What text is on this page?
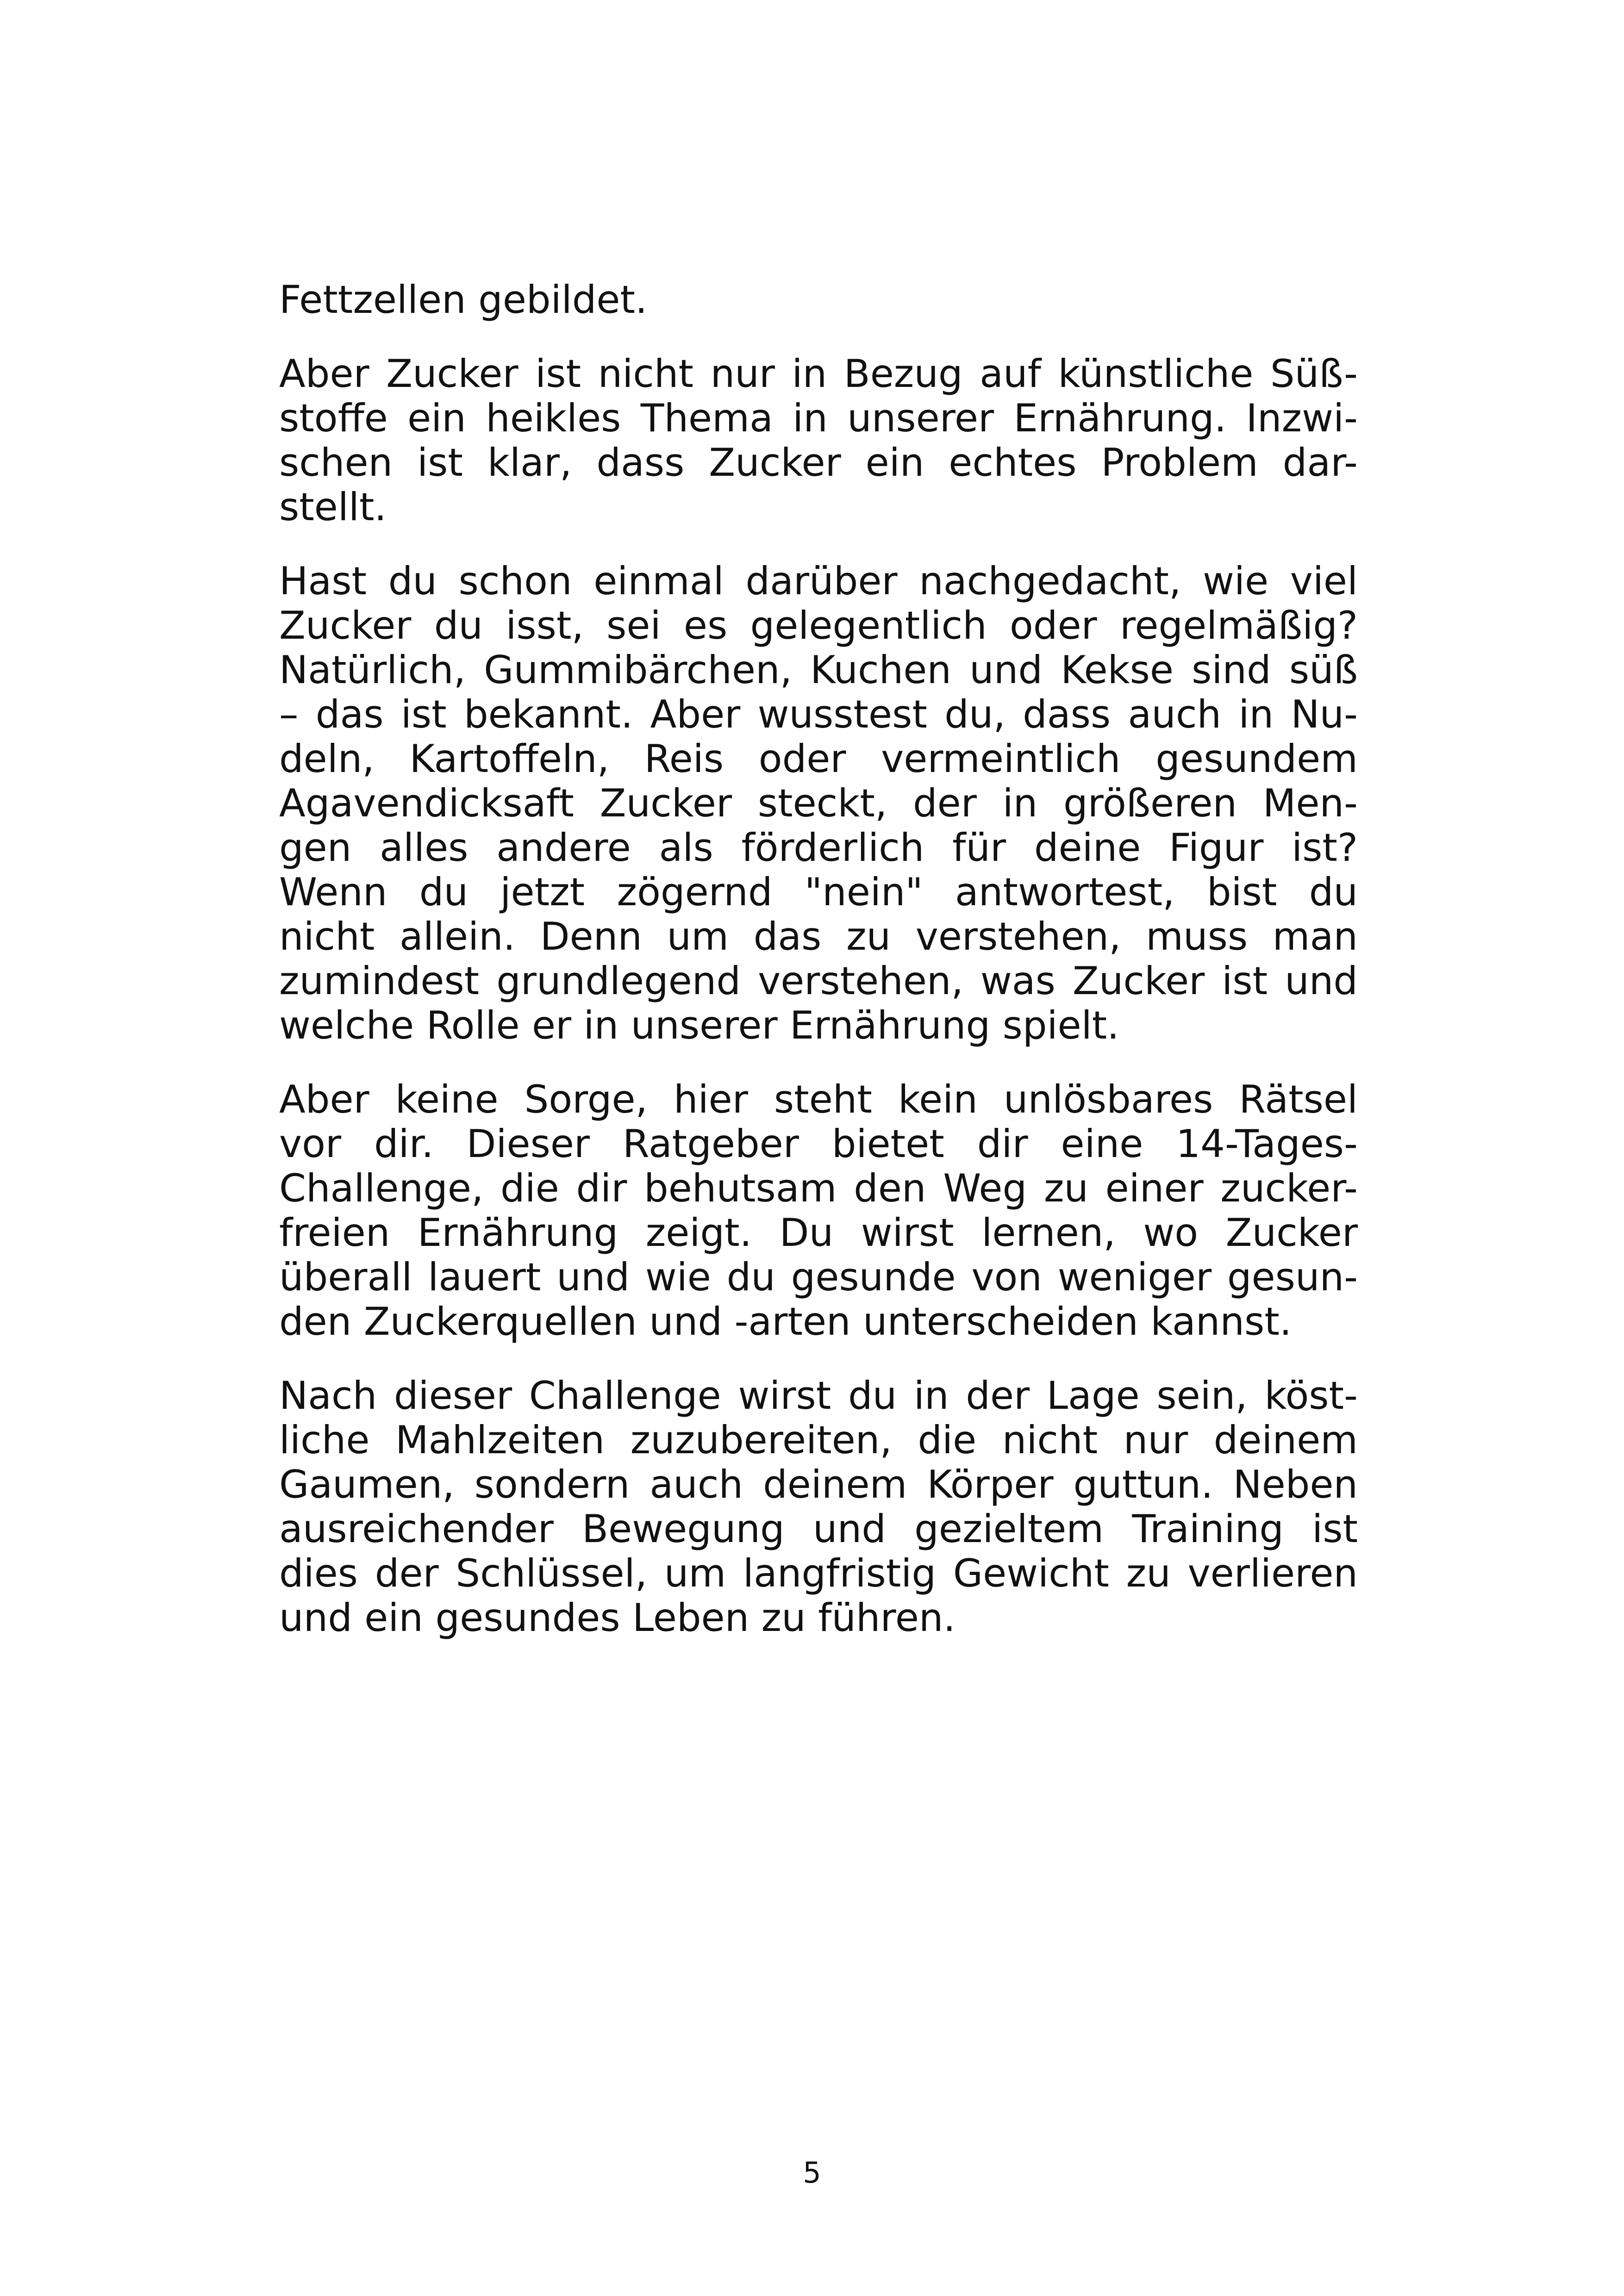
Fettzellen gebildet.
Aber Zucker ist nicht nur in Bezug auf künstliche Süß-
stoffe ein heikles Thema in unserer Ernährung. Inzwi-
schen ist klar, dass Zucker ein echtes Problem dar-
stellt.
Hast du schon einmal darüber nachgedacht, wie viel
Zucker du isst, sei es gelegentlich oder regelmäßig?
Natürlich, Gummibärchen, Kuchen und Kekse sind süß
– das ist bekannt. Aber wusstest du, dass auch in Nu-
deln, Kartoffeln, Reis oder vermeintlich gesundem
Agavendicksaft Zucker steckt, der in größeren Men-
gen alles andere als förderlich für deine Figur ist?
Wenn du jetzt zögernd "nein" antwortest, bist du
nicht allein. Denn um das zu verstehen, muss man
zumindest grundlegend verstehen, was Zucker ist und
welche Rolle er in unserer Ernährung spielt.
Aber keine Sorge, hier steht kein unlösbares Rätsel
vor dir. Dieser Ratgeber bietet dir eine 14-Tages-
Challenge, die dir behutsam den Weg zu einer zucker-
freien Ernährung zeigt. Du wirst lernen, wo Zucker
überall lauert und wie du gesunde von weniger gesun-
den Zuckerquellen und -arten unterscheiden kannst.
Nach dieser Challenge wirst du in der Lage sein, köst-
liche Mahlzeiten zuzubereiten, die nicht nur deinem
Gaumen, sondern auch deinem Körper guttun. Neben
ausreichender Bewegung und gezieltem Training ist
dies der Schlüssel, um langfristig Gewicht zu verlieren
und ein gesundes Leben zu führen.
5
